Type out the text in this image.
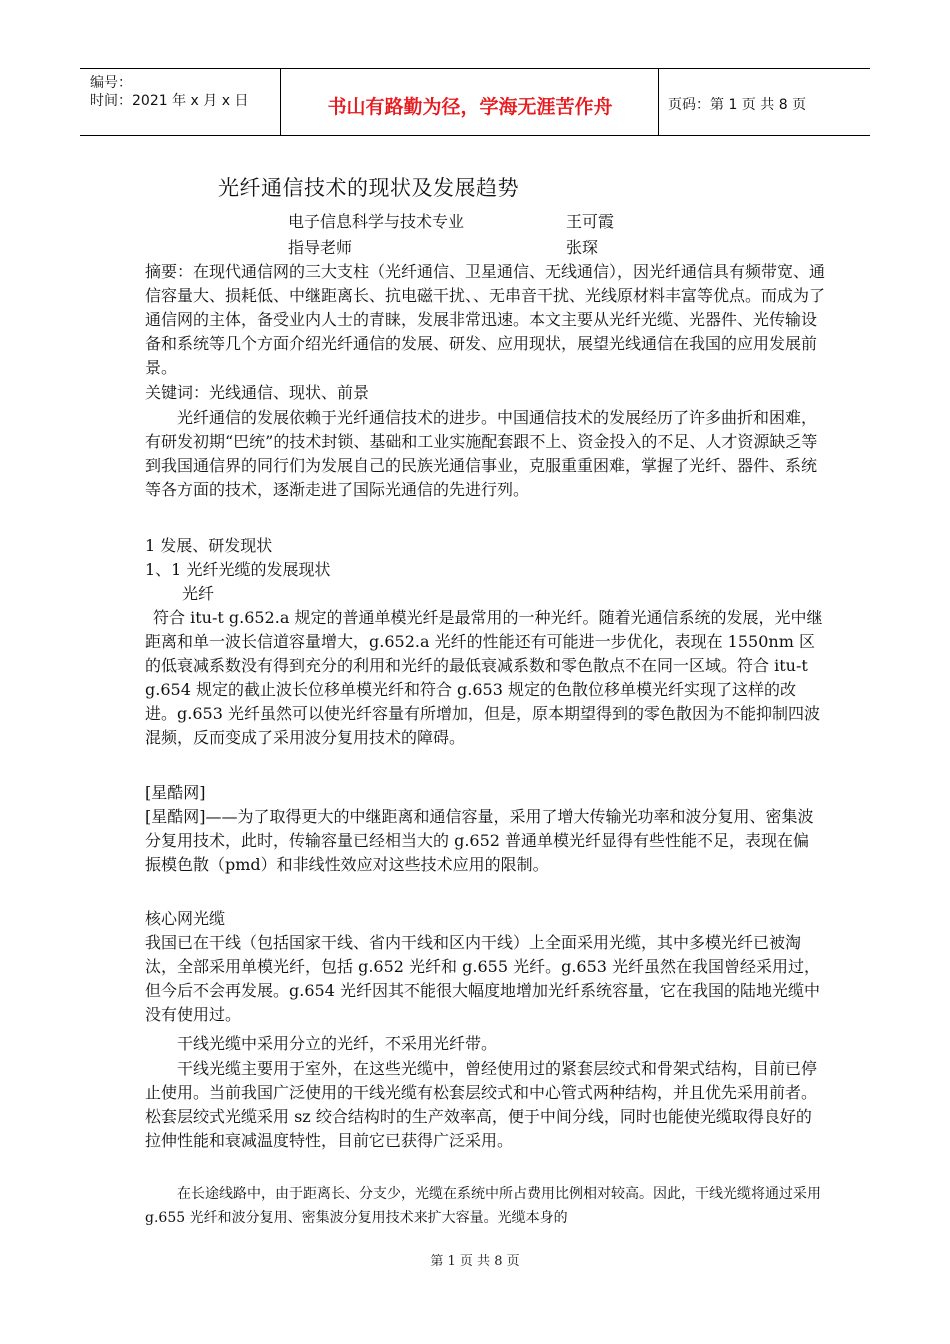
编号：
时间：2021 年 x 月 x 日	书山有路勤为径，学海无涯苦作舟	页码：第 1 页 共 8 页
光纤通信技术的现状及发展趋势
电子信息科学与技术专业	王可霞
指导老师	张琛

摘要：在现代通信网的三大支柱（光纤通信、卫星通信、无线通信），因光纤通信具有频带宽、通信容量大、损耗低、中继距离长、抗电磁干扰、、无串音干扰、光线原材料丰富等优点。而成为了通信网的主体，备受业内人士的青睐，发展非常迅速。本文主要从光纤光缆、光器件、光传输设备和系统等几个方面介绍光纤通信的发展、研发、应用现状，展望光线通信在我国的应用发展前景。

关键词：光线通信、现状、前景

光纤通信的发展依赖于光纤通信技术的进步。中国通信技术的发展经历了许多曲折和困难，有研发初期“巴统”的技术封锁、基础和工业实施配套跟不上、资金投入的不足、人才资源缺乏等到我国通信界的同行们为发展自己的民族光通信事业，克服重重困难，掌握了光纤、器件、系统等各方面的技术，逐渐走进了国际光通信的先进行列。

1 发展、研发现状

1、1 光纤光缆的发展现状

光纤

符合 itu-t g.652.a 规定的普通单模光纤是最常用的一种光纤。随着光通信系统的发展，光中继距离和单一波长信道容量增大，g.652.a 光纤的性能还有可能进一步优化，表现在 1550nm 区的低衰减系数没有得到充分的利用和光纤的最低衰减系数和零色散点不在同一区域。符合 itu-t g.654 规定的截止波长位移单模光纤和符合 g.653 规定的色散位移单模光纤实现了这样的改进。g.653 光纤虽然可以使光纤容量有所增加，但是，原本期望得到的零色散因为不能抑制四波混频，反而变成了采用波分复用技术的障碍。

[星酷网]

[星酷网]——为了取得更大的中继距离和通信容量，采用了增大传输光功率和波分复用、密集波分复用技术，此时，传输容量已经相当大的 g.652 普通单模光纤显得有些性能不足，表现在偏振模色散（pmd）和非线性效应对这些技术应用的限制。

核心网光缆

我国已在干线（包括国家干线、省内干线和区内干线）上全面采用光缆，其中多模光纤已被淘汰，全部采用单模光纤，包括 g.652 光纤和 g.655 光纤。g.653 光纤虽然在我国曾经采用过，但今后不会再发展。g.654 光纤因其不能很大幅度地增加光纤系统容量，它在我国的陆地光缆中没有使用过。

干线光缆中采用分立的光纤，不采用光纤带。

干线光缆主要用于室外，在这些光缆中，曾经使用过的紧套层绞式和骨架式结构，目前已停止使用。当前我国广泛使用的干线光缆有松套层绞式和中心管式两种结构，并且优先采用前者。松套层绞式光缆采用 sz 绞合结构时的生产效率高，便于中间分线，同时也能使光缆取得良好的拉伸性能和衰减温度特性，目前它已获得广泛采用。

在长途线路中，由于距离长、分支少，光缆在系统中所占费用比例相对较高。因此，干线光缆将通过采用 g.655 光纤和波分复用、密集波分复用技术来扩大容量。光缆本身的

第 1 页 共 8 页
